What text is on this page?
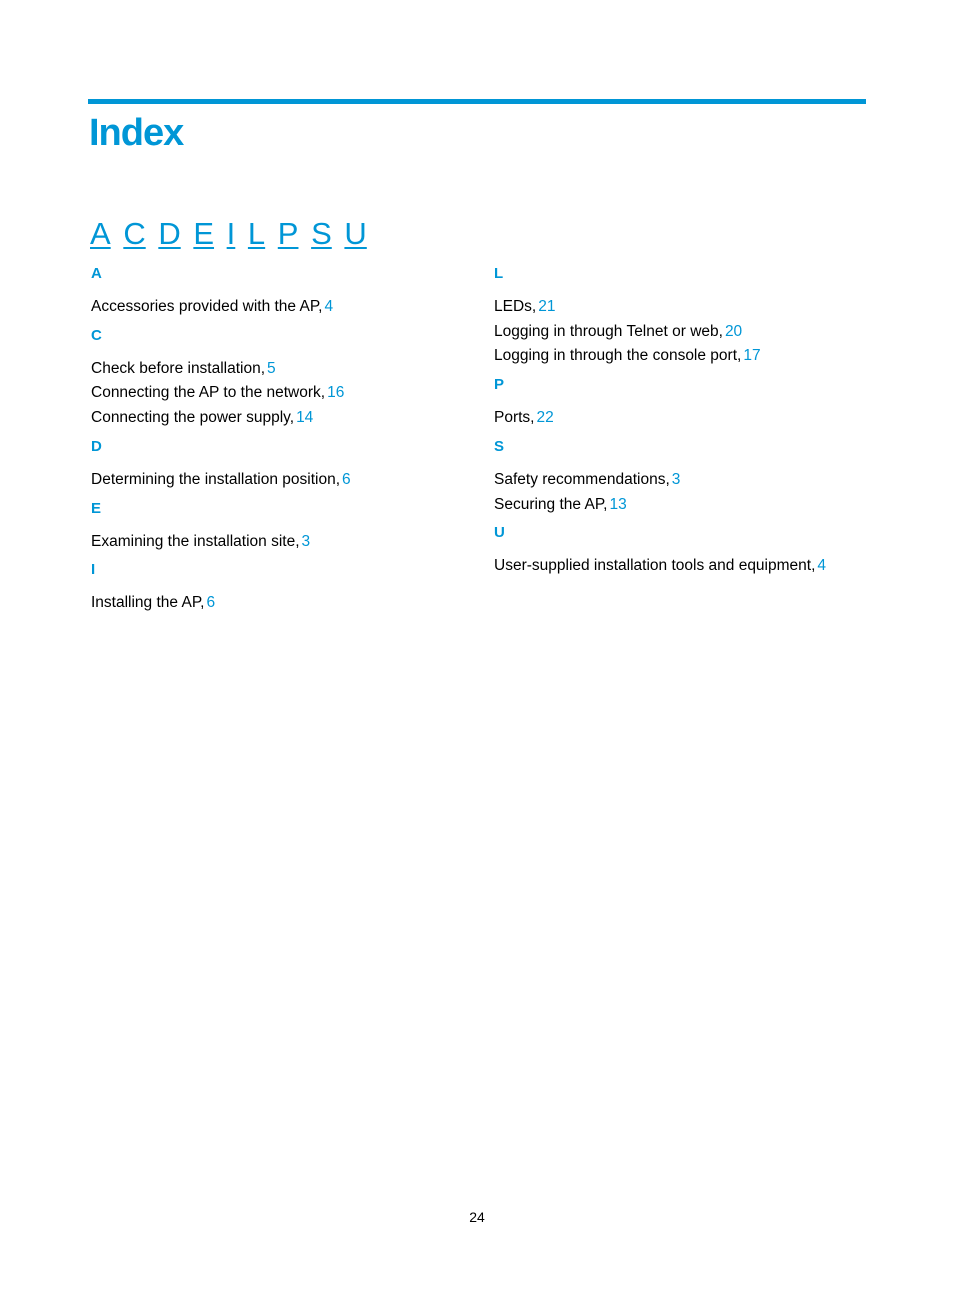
Index
A C D E I L P S U
A
Accessories provided with the AP, 4
C
Check before installation, 5
Connecting the AP to the network, 16
Connecting the power supply, 14
D
Determining the installation position, 6
E
Examining the installation site, 3
I
Installing the AP, 6
L
LEDs, 21
Logging in through Telnet or web, 20
Logging in through the console port, 17
P
Ports, 22
S
Safety recommendations, 3
Securing the AP, 13
U
User-supplied installation tools and equipment, 4
24
